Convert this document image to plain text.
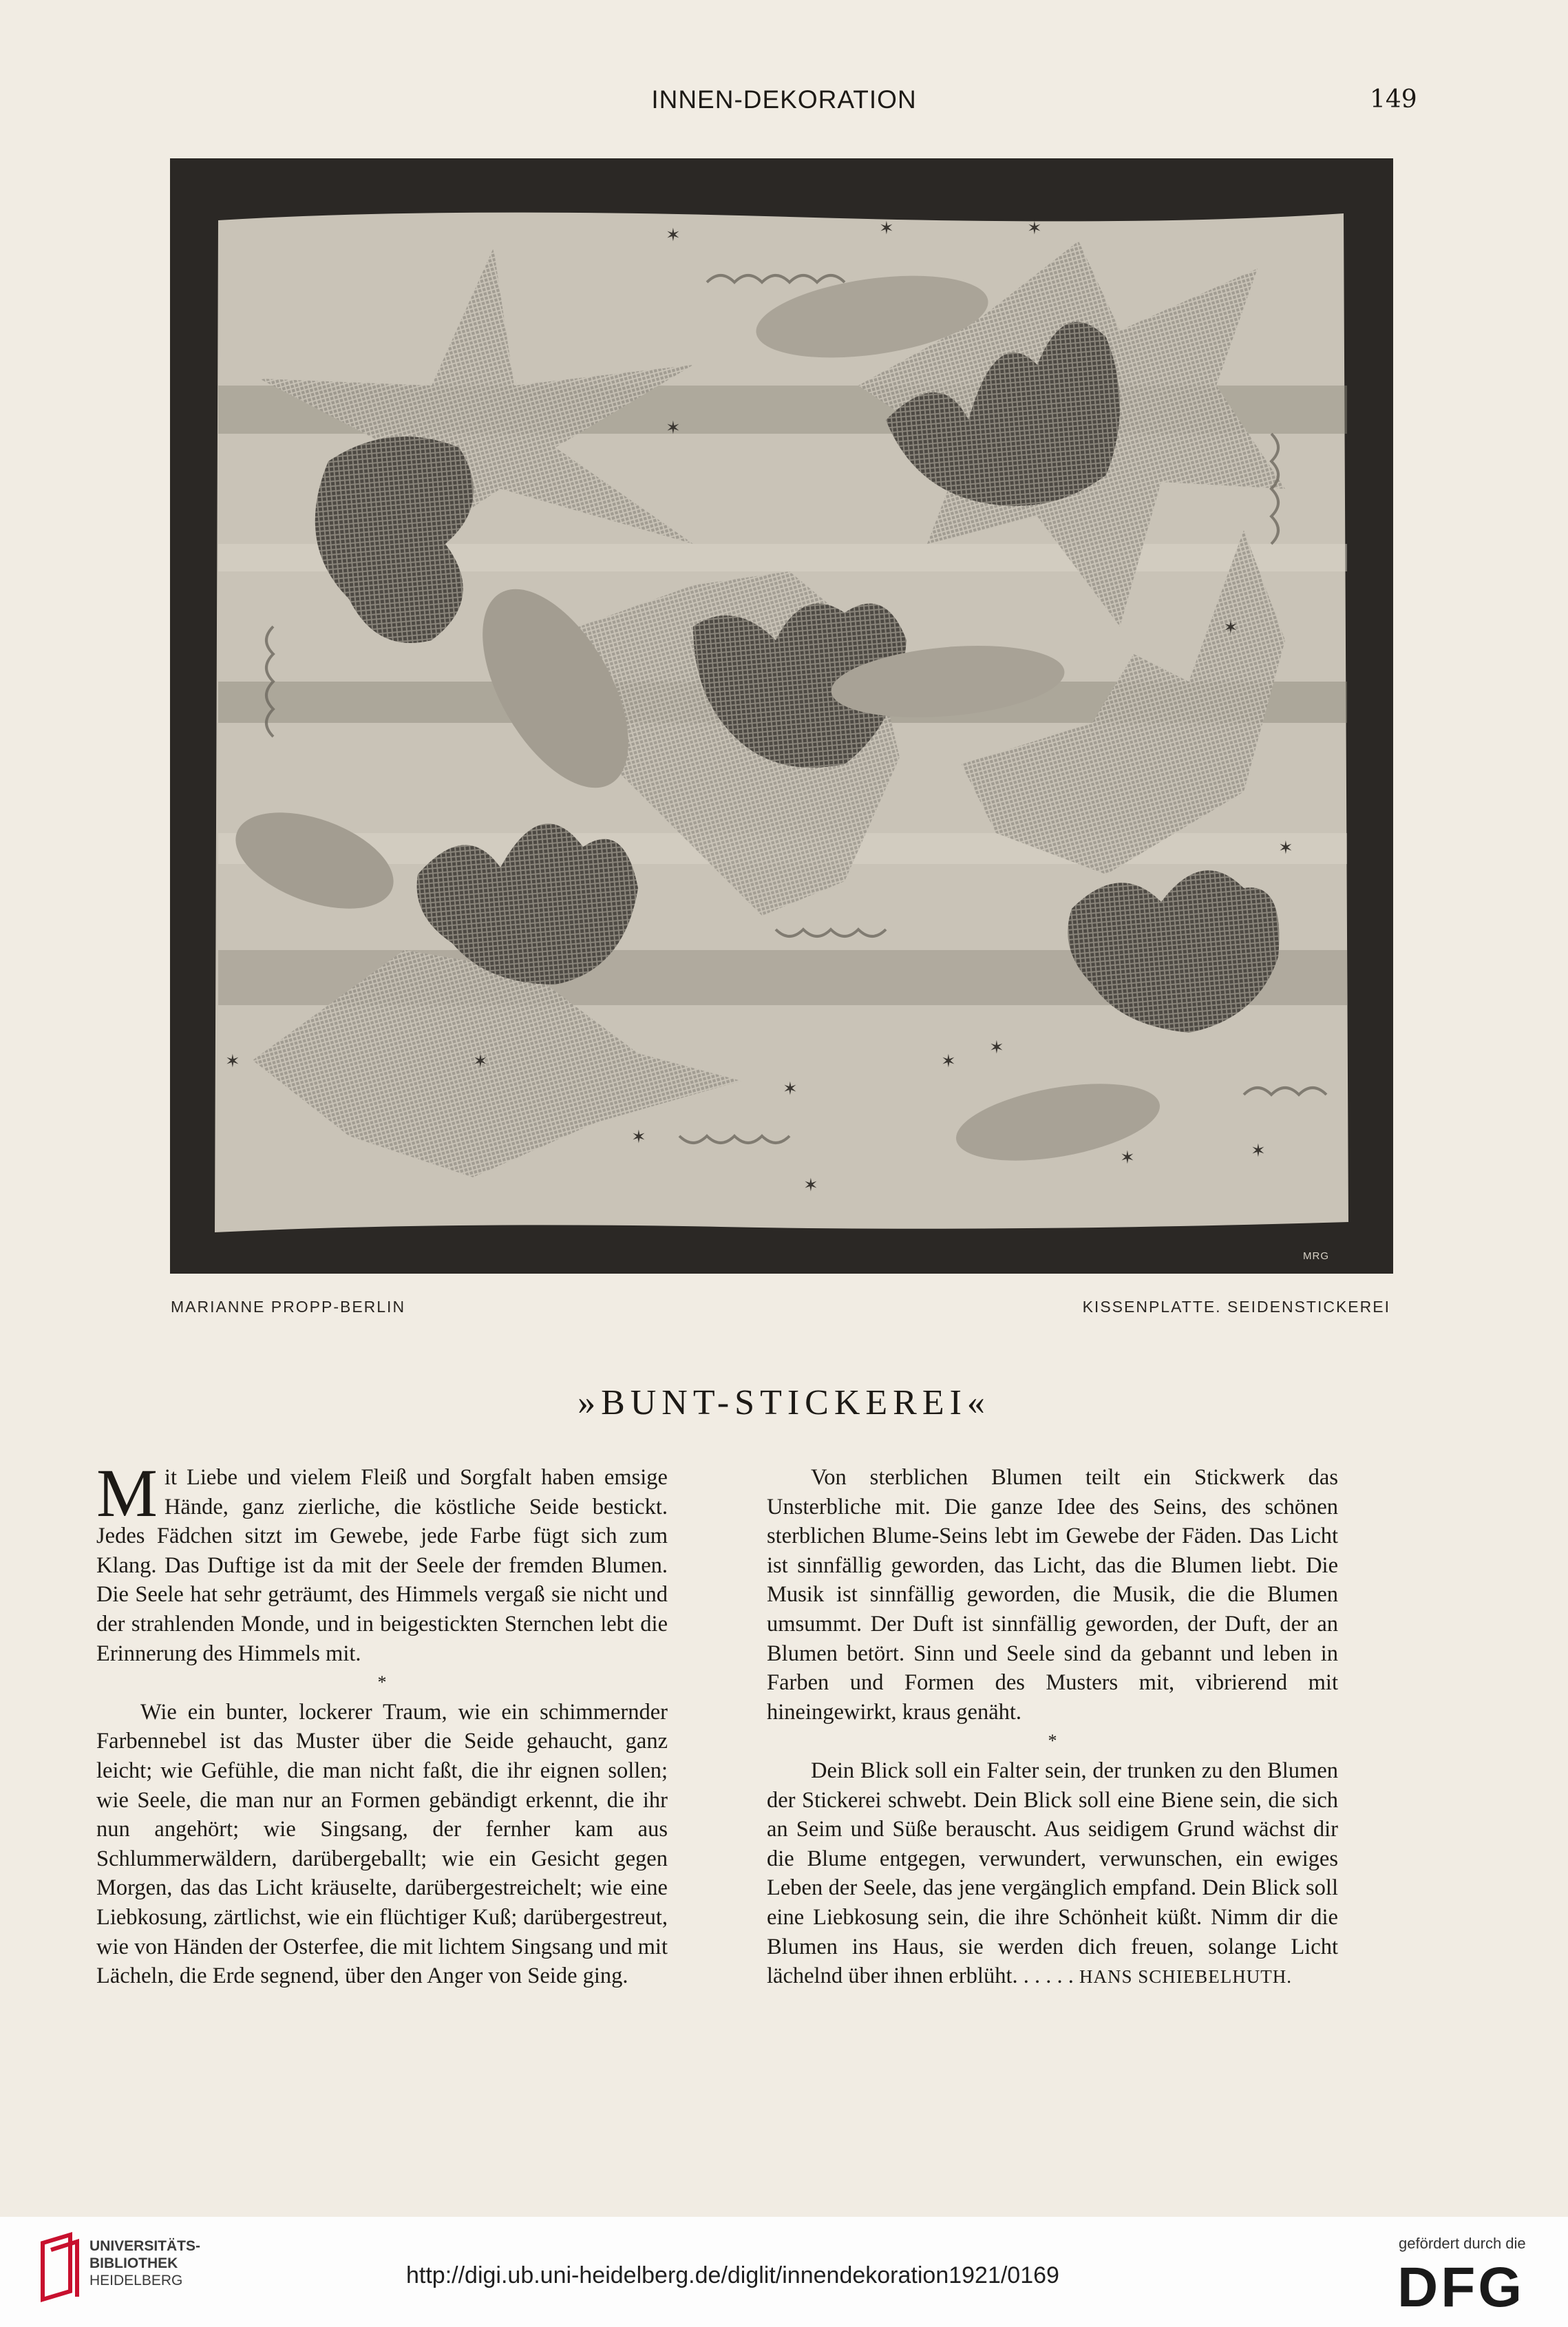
INNEN-DEKORATION	149
✶	✶	✶
✶
✶
✶
✶
✶
✶
✶
✶	✶
✶
✶	✶
MRG
MARIANNE PROPP-BERLIN	KISSENPLATTE. SEIDENSTICKEREI
»BUNT-STICKEREI«

Mit Liebe und vielem Fleiß und Sorgfalt haben emsige Hände, ganz zierliche, die köstliche Seide bestickt. Jedes Fädchen sitzt im Gewebe, jede Farbe fügt sich zum Klang. Das Duftige ist da mit der Seele der fremden Blumen. Die Seele hat sehr geträumt, des Himmels vergaß sie nicht und der strahlenden Monde, und in beigestickten Sternchen lebt die Erinnerung des Himmels mit.

*

Wie ein bunter, lockerer Traum, wie ein schimmernder Farbennebel ist das Muster über die Seide gehaucht, ganz leicht; wie Gefühle, die man nicht faßt, die ihr eignen sollen; wie Seele, die man nur an Formen gebändigt erkennt, die ihr nun angehört; wie Singsang, der fernher kam aus Schlummerwäldern, darübergeballt; wie ein Gesicht gegen Morgen, das das Licht kräuselte, darübergestreichelt; wie eine Liebkosung, zärtlichst, wie ein flüchtiger Kuß; darübergestreut, wie von Händen der Osterfee, die mit lichtem Singsang und mit Lächeln, die Erde segnend, über den Anger von Seide ging.

Von sterblichen Blumen teilt ein Stickwerk das Unsterbliche mit. Die ganze Idee des Seins, des schönen sterblichen Blume-Seins lebt im Gewebe der Fäden. Das Licht ist sinnfällig geworden, das Licht, das die Blumen liebt. Die Musik ist sinnfällig geworden, die Musik, die die Blumen umsummt. Der Duft ist sinnfällig geworden, der Duft, der an Blumen betört. Sinn und Seele sind da gebannt und leben in Farben und Formen des Musters mit, vibrierend mit hineingewirkt, kraus genäht.

*

Dein Blick soll ein Falter sein, der trunken zu den Blumen der Stickerei schwebt. Dein Blick soll eine Biene sein, die sich an Seim und Süße berauscht. Aus seidigem Grund wächst dir die Blume entgegen, verwundert, verwunschen, ein ewiges Leben der Seele, das jene vergänglich empfand. Dein Blick soll eine Liebkosung sein, die ihre Schönheit küßt. Nimm dir die Blumen ins Haus, sie werden dich freuen, solange Licht lächelnd über ihnen erblüht. . . . . . HANS SCHIEBELHUTH.

UNIVERSITÄTS-
BIBLIOTHEK
HEIDELBERG	http://digi.ub.uni-heidelberg.de/diglit/innendekoration1921/0169
gefördert durch die
DFG
